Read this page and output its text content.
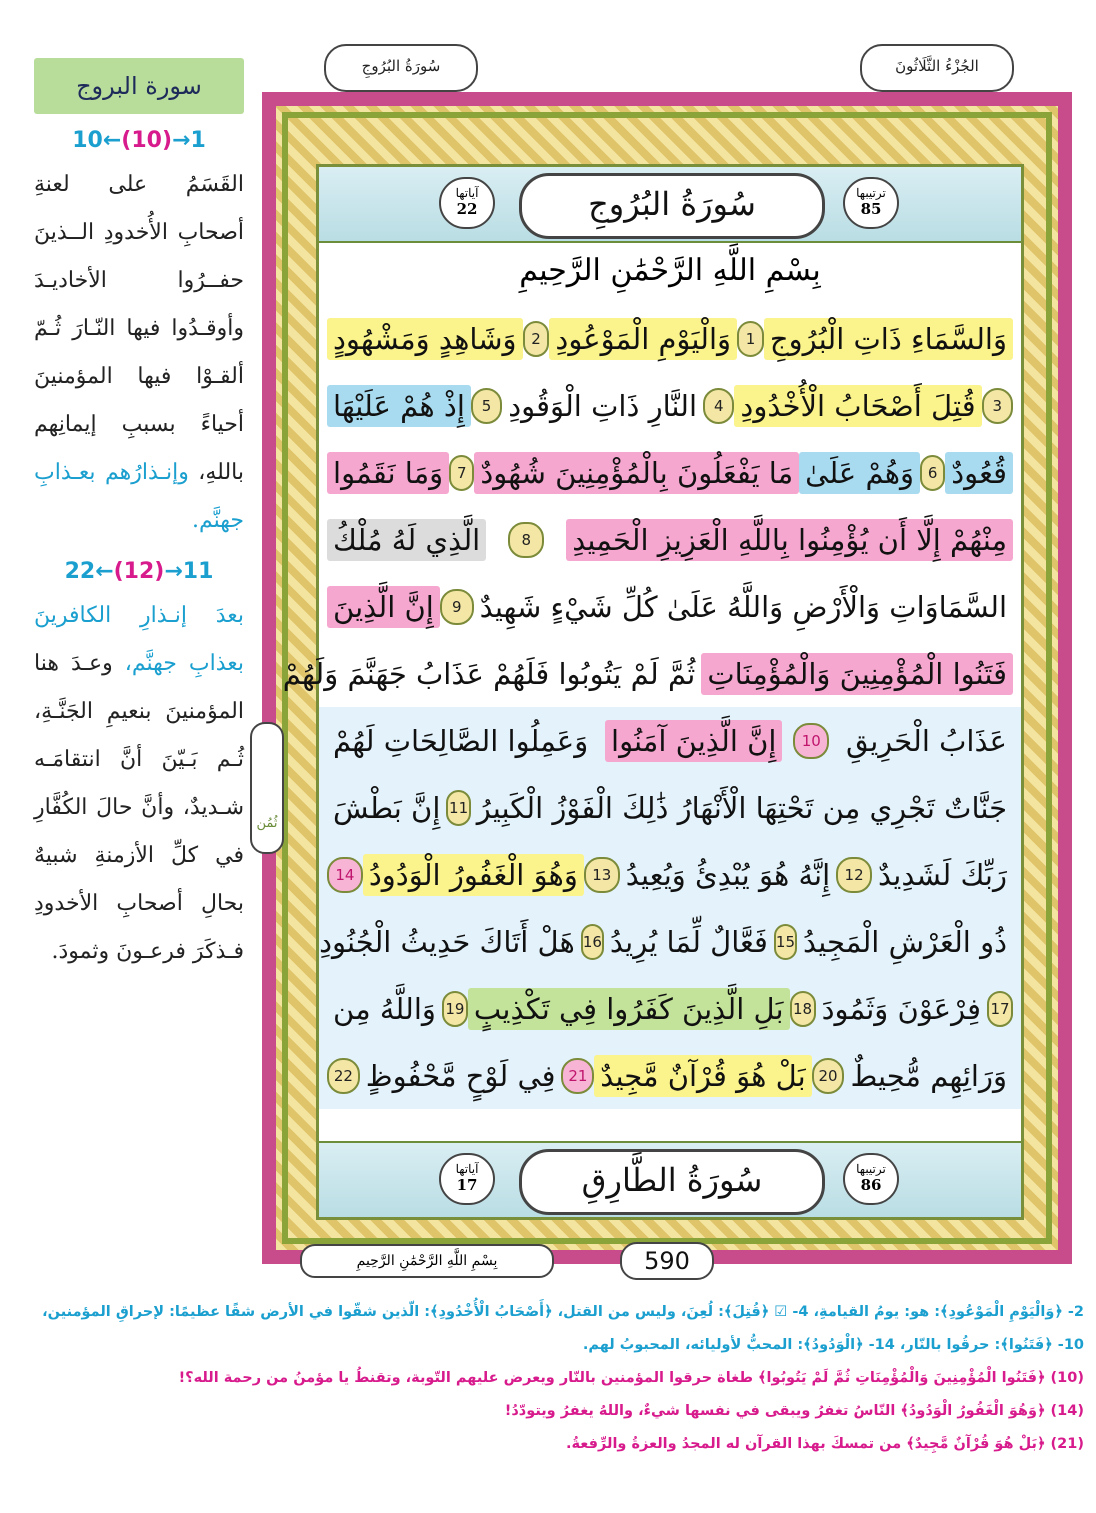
سورة البروج
10←(10)→1

القَسَمُ على لعنةِ أصحابِ الأُخدودِ الــذينَ حفــرُوا الأخاديـدَ وأوقـدُوا فيها النّـارَ ثُـمّ ألقـوْا فيها المؤمنينَ أحياءً بسببِ إيمانِهم باللهِ، وإنـذارُهم بعـذابِ جهنَّم.

22←(12)→11

بعدَ إنـذارِ الكافرينَ بعذابِ جهنَّم، وعـدَ هنا المؤمنينَ بنعيمِ الجَنَّـةِ، ثُـم بَـيّنَ أنَّ انتقامَـه شـديدٌ، وأنَّ حالَ الكُفَّارِ في كلِّ الأزمنةِ شبيهٌ بحالِ أصحابِ الأخدودِ فـذكَرَ فرعـونَ وثمودَ.

سُورَةُ البُرُوجِ	الجُزْءُ الثَّلَاثُونَ
آياتها
22	سُورَةُ البُرُوجِ	ترتيبها
85
بِسْمِ اللَّهِ الرَّحْمَٰنِ الرَّحِيمِ
وَالسَّمَاءِ ذَاتِ الْبُرُوجِ
1
وَالْيَوْمِ الْمَوْعُودِ
2
وَشَاهِدٍ وَمَشْهُودٍ
3
قُتِلَ أَصْحَابُ الْأُخْدُودِ
4
النَّارِ ذَاتِ الْوَقُودِ
5
إِذْ هُمْ عَلَيْهَا
قُعُودٌ
6
وَهُمْ عَلَىٰ
مَا يَفْعَلُونَ بِالْمُؤْمِنِينَ شُهُودٌ
7
وَمَا نَقَمُوا
مِنْهُمْ إِلَّا أَن يُؤْمِنُوا بِاللَّهِ الْعَزِيزِ الْحَمِيدِ
8
الَّذِي لَهُ مُلْكُ
السَّمَاوَاتِ وَالْأَرْضِ وَاللَّهُ عَلَىٰ كُلِّ شَيْءٍ شَهِيدٌ
9
إِنَّ الَّذِينَ
فَتَنُوا الْمُؤْمِنِينَ وَالْمُؤْمِنَاتِ
ثُمَّ لَمْ يَتُوبُوا فَلَهُمْ عَذَابُ جَهَنَّمَ وَلَهُمْ
عَذَابُ الْحَرِيقِ
10
إِنَّ الَّذِينَ آمَنُوا
وَعَمِلُوا الصَّالِحَاتِ لَهُمْ
جَنَّاتٌ تَجْرِي مِن تَحْتِهَا الْأَنْهَارُ ذَٰلِكَ الْفَوْزُ الْكَبِيرُ
11
إِنَّ بَطْشَ
رَبِّكَ لَشَدِيدٌ
12
إِنَّهُ هُوَ يُبْدِئُ وَيُعِيدُ
13
وَهُوَ الْغَفُورُ الْوَدُودُ
14
ذُو الْعَرْشِ الْمَجِيدُ
15
فَعَّالٌ لِّمَا يُرِيدُ
16
هَلْ أَتَاكَ حَدِيثُ الْجُنُودِ
17
فِرْعَوْنَ وَثَمُودَ
18
بَلِ الَّذِينَ كَفَرُوا فِي تَكْذِيبٍ
19
وَاللَّهُ مِن
وَرَائِهِم مُّحِيطٌ
20
بَلْ هُوَ قُرْآنٌ مَّجِيدٌ
21
فِي لَوْحٍ مَّحْفُوظٍ
22
آياتها
17	سُورَةُ الطَّارِقِ	ترتيبها
86
بِسْمِ اللَّهِ الرَّحْمَٰنِ الرَّحِيمِ	590
ثُمُن
2- ﴿وَالْيَوْمِ الْمَوْعُودِ﴾: هو: يومُ القيامةِ، 4- ☑ ﴿قُتِلَ﴾: لُعِنَ، وليس من القتل، ﴿أَصْحَابُ الْأُخْدُودِ﴾: الّذين شقّوا في الأرض شقًا عظيمًا: لإحراقِ المؤمنين،
10- ﴿فَتَنُوا﴾: حرقُوا بالنّار، 14- ﴿الْوَدُودُ﴾: المحبُّ لأوليائه، المحبوبُ لهم.
(10) ﴿فَتَنُوا الْمُؤْمِنِينَ وَالْمُؤْمِنَاتِ ثُمَّ لَمْ يَتُوبُوا﴾ طغاة حرقوا المؤمنين بالنّار ويعرض عليهم التّوبة، وتقنطُ يا مؤمنُ من رحمة الله؟!
(14) ﴿وَهُوَ الْغَفُورُ الْوَدُودُ﴾ النّاسُ تغفرُ ويبقى في نفسها شيءٌ، واللهُ يغفرُ ويتودّدُ!
(21) ﴿بَلْ هُوَ قُرْآنٌ مَّجِيدٌ﴾ من تمسكَ بهذا القرآن له المجدُ والعزةُ والرِّفعةُ.
